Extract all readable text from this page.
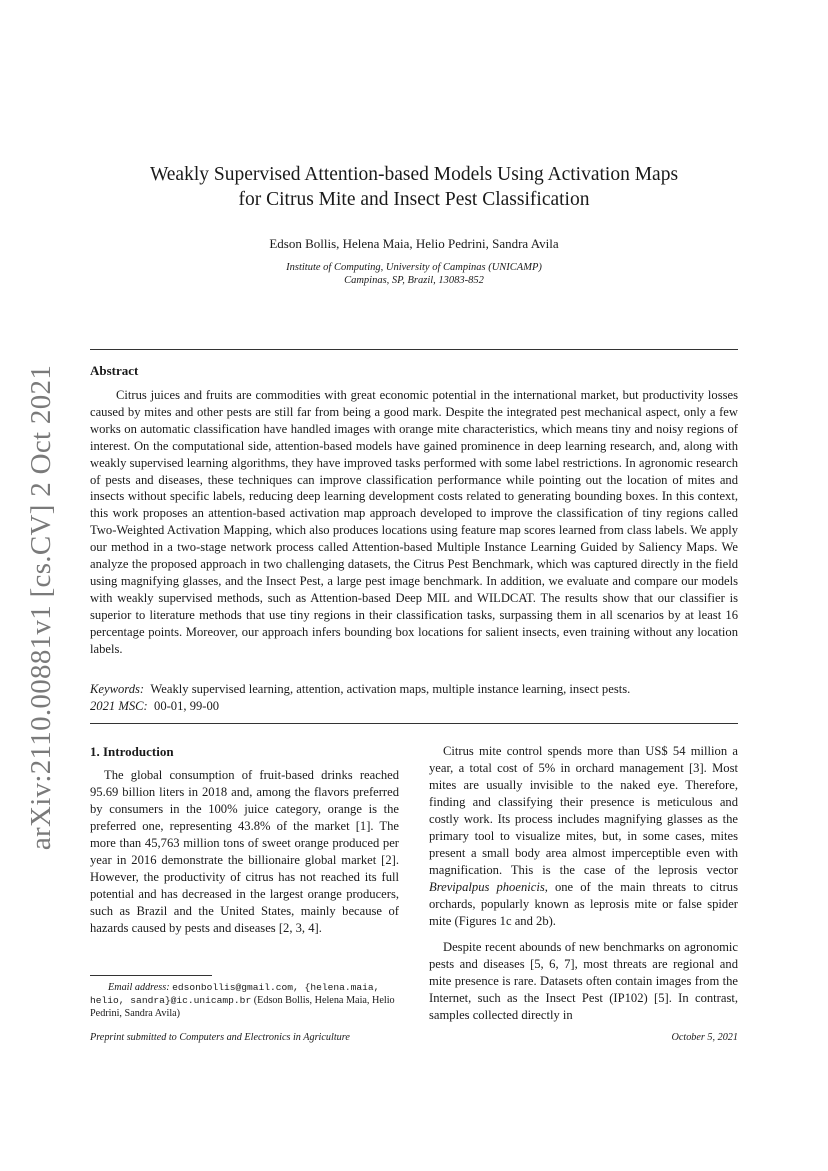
arXiv:2110.00881v1 [cs.CV] 2 Oct 2021
Weakly Supervised Attention-based Models Using Activation Maps
for Citrus Mite and Insect Pest Classification
Edson Bollis, Helena Maia, Helio Pedrini, Sandra Avila
Institute of Computing, University of Campinas (UNICAMP)
Campinas, SP, Brazil, 13083-852
Abstract
Citrus juices and fruits are commodities with great economic potential in the international market, but productivity losses caused by mites and other pests are still far from being a good mark. Despite the integrated pest mechanical aspect, only a few works on automatic classification have handled images with orange mite characteristics, which means tiny and noisy regions of interest. On the computational side, attention-based models have gained prominence in deep learning research, and, along with weakly supervised learning algorithms, they have improved tasks performed with some label restrictions. In agronomic research of pests and diseases, these techniques can improve classification performance while pointing out the location of mites and insects without specific labels, reducing deep learning development costs related to generating bounding boxes. In this context, this work proposes an attention-based activation map approach developed to improve the classification of tiny regions called Two-Weighted Activation Mapping, which also produces locations using feature map scores learned from class labels. We apply our method in a two-stage network process called Attention-based Multiple Instance Learning Guided by Saliency Maps. We analyze the proposed approach in two challenging datasets, the Citrus Pest Benchmark, which was captured directly in the field using magnifying glasses, and the Insect Pest, a large pest image benchmark. In addition, we evaluate and compare our models with weakly supervised methods, such as Attention-based Deep MIL and WILDCAT. The results show that our classifier is superior to literature methods that use tiny regions in their classification tasks, surpassing them in all scenarios by at least 16 percentage points. Moreover, our approach infers bounding box locations for salient insects, even training without any location labels.
Keywords: Weakly supervised learning, attention, activation maps, multiple instance learning, insect pests.
2021 MSC: 00-01, 99-00
1. Introduction

The global consumption of fruit-based drinks reached 95.69 billion liters in 2018 and, among the flavors preferred by consumers in the 100% juice category, orange is the preferred one, representing 43.8% of the market [1]. The more than 45,763 million tons of sweet orange produced per year in 2016 demonstrate the billionaire global market [2]. However, the productivity of citrus has not reached its full potential and has decreased in the largest orange producers, such as Brazil and the United States, mainly because of hazards caused by pests and diseases [2, 3, 4].

Citrus mite control spends more than US$ 54 million a year, a total cost of 5% in orchard management [3]. Most mites are usually invisible to the naked eye. Therefore, finding and classifying their presence is meticulous and costly work. Its process includes magnifying glasses as the primary tool to visualize mites, but, in some cases, mites present a small body area almost imperceptible even with magnification. This is the case of the leprosis vector Brevipalpus phoenicis, one of the main threats to citrus orchards, popularly known as leprosis mite or false spider mite (Figures 1c and 2b).

Despite recent abounds of new benchmarks on agronomic pests and diseases [5, 6, 7], most threats are regional and mite presence is rare. Datasets often contain images from the Internet, such as the Insect Pest (IP102) [5]. In contrast, samples collected directly in

Email address: edsonbollis@gmail.com, {helena.maia, helio, sandra}@ic.unicamp.br (Edson Bollis, Helena Maia, Helio Pedrini, Sandra Avila)
Preprint submitted to Computers and Electronics in Agriculture	October 5, 2021
